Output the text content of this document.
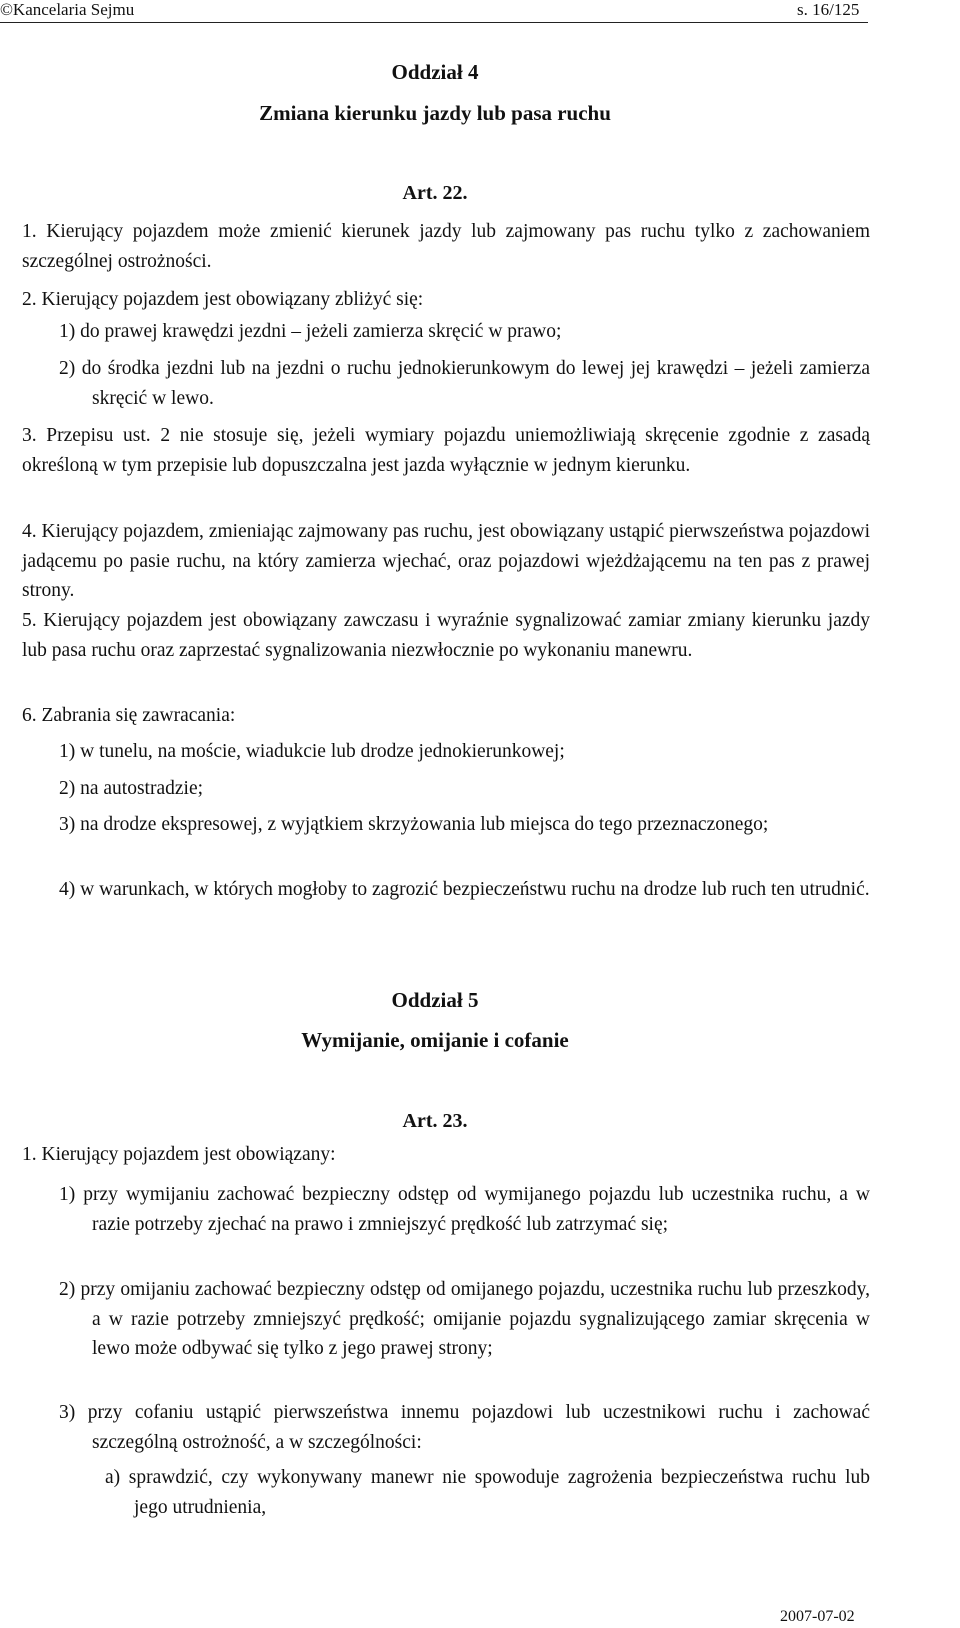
©Kancelaria Sejmu	s. 16/125
Oddział 4
Zmiana kierunku jazdy lub pasa ruchu
Art. 22.

1. Kierujący pojazdem może zmienić kierunek jazdy lub zajmowany pas ruchu tylko z zachowaniem szczególnej ostrożności.

2. Kierujący pojazdem jest obowiązany zbliżyć się:

1) do prawej krawędzi jezdni – jeżeli zamierza skręcić w prawo;

2) do środka jezdni lub na jezdni o ruchu jednokierunkowym do lewej jej krawędzi – jeżeli zamierza skręcić w lewo.

3. Przepisu ust. 2 nie stosuje się, jeżeli wymiary pojazdu uniemożliwiają skręcenie zgodnie z zasadą określoną w tym przepisie lub dopuszczalna jest jazda wyłącznie w jednym kierunku.

4. Kierujący pojazdem, zmieniając zajmowany pas ruchu, jest obowiązany ustąpić pierwszeństwa pojazdowi jadącemu po pasie ruchu, na który zamierza wjechać, oraz pojazdowi wjeżdżającemu na ten pas z prawej strony.

5. Kierujący pojazdem jest obowiązany zawczasu i wyraźnie sygnalizować zamiar zmiany kierunku jazdy lub pasa ruchu oraz zaprzestać sygnalizowania niezwłocznie po wykonaniu manewru.

6. Zabrania się zawracania:

1) w tunelu, na moście, wiadukcie lub drodze jednokierunkowej;

2) na autostradzie;

3) na drodze ekspresowej, z wyjątkiem skrzyżowania lub miejsca do tego przeznaczonego;

4) w warunkach, w których mogłoby to zagrozić bezpieczeństwu ruchu na drodze lub ruch ten utrudnić.

Oddział 5
Wymijanie, omijanie i cofanie
Art. 23.

1. Kierujący pojazdem jest obowiązany:

1) przy wymijaniu zachować bezpieczny odstęp od wymijanego pojazdu lub uczestnika ruchu, a w razie potrzeby zjechać na prawo i zmniejszyć prędkość lub zatrzymać się;

2) przy omijaniu zachować bezpieczny odstęp od omijanego pojazdu, uczestnika ruchu lub przeszkody, a w razie potrzeby zmniejszyć prędkość; omijanie pojazdu sygnalizującego zamiar skręcenia w lewo może odbywać się tylko z jego prawej strony;

3) przy cofaniu ustąpić pierwszeństwa innemu pojazdowi lub uczestnikowi ruchu i zachować szczególną ostrożność, a w szczególności:

a) sprawdzić, czy wykonywany manewr nie spowoduje zagrożenia bezpieczeństwa ruchu lub jego utrudnienia,

2007-07-02
